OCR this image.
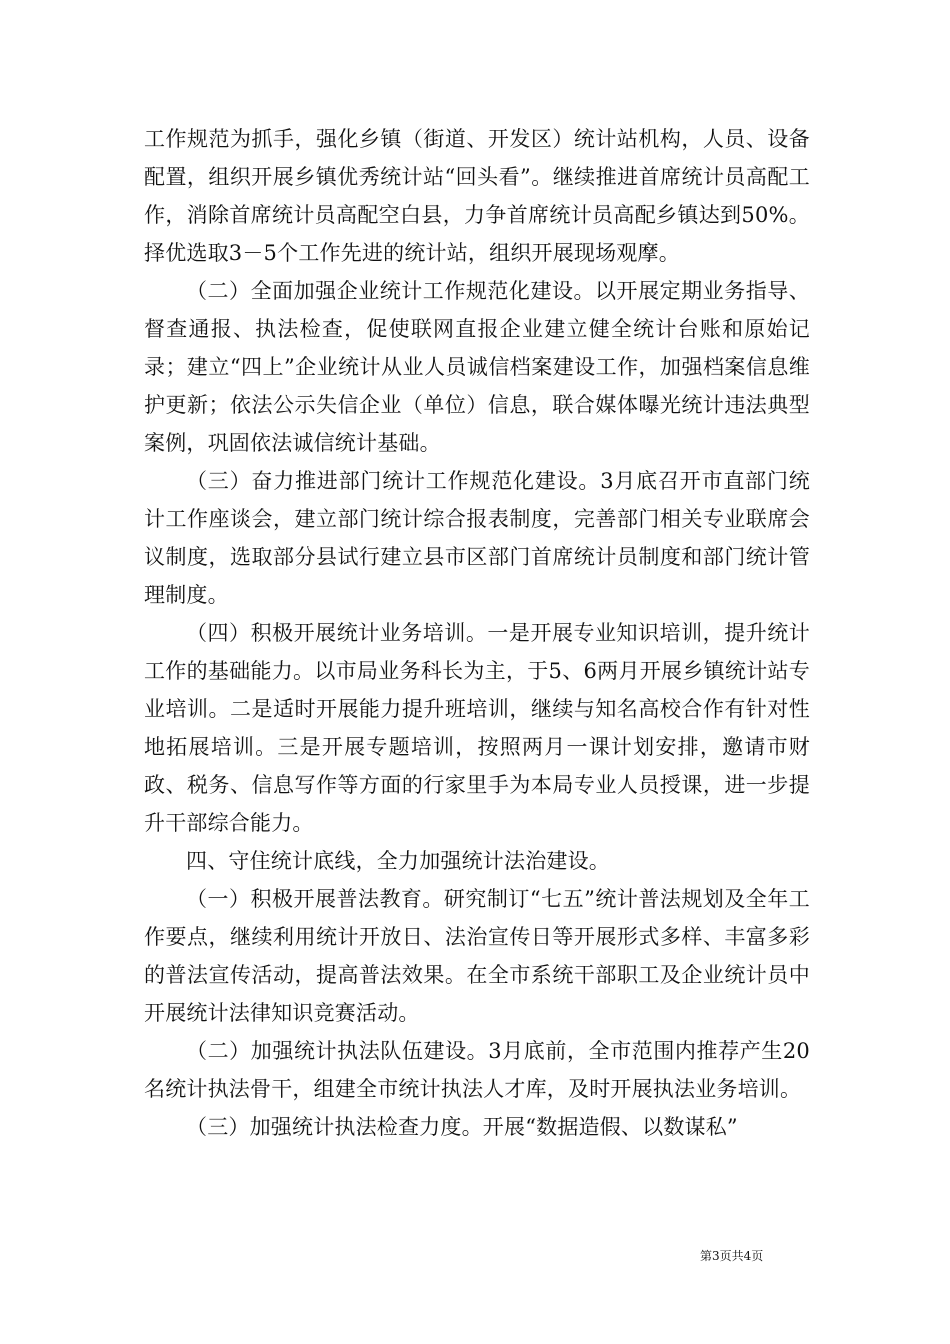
工作规范为抓手，强化乡镇（街道、开发区）统计站机构，人员、设备配置，组织开展乡镇优秀统计站“回头看”。继续推进首席统计员高配工作，消除首席统计员高配空白县，力争首席统计员高配乡镇达到50%。择优选取3－5个工作先进的统计站，组织开展现场观摩。

（二）全面加强企业统计工作规范化建设。以开展定期业务指导、督查通报、执法检查，促使联网直报企业建立健全统计台账和原始记录；建立“四上”企业统计从业人员诚信档案建设工作，加强档案信息维护更新；依法公示失信企业（单位）信息，联合媒体曝光统计违法典型案例，巩固依法诚信统计基础。

（三）奋力推进部门统计工作规范化建设。3月底召开市直部门统计工作座谈会，建立部门统计综合报表制度，完善部门相关专业联席会议制度，选取部分县试行建立县市区部门首席统计员制度和部门统计管理制度。

（四）积极开展统计业务培训。一是开展专业知识培训，提升统计工作的基础能力。以市局业务科长为主，于5、6两月开展乡镇统计站专业培训。二是适时开展能力提升班培训，继续与知名高校合作有针对性地拓展培训。三是开展专题培训，按照两月一课计划安排，邀请市财政、税务、信息写作等方面的行家里手为本局专业人员授课，进一步提升干部综合能力。

四、守住统计底线，全力加强统计法治建设。

（一）积极开展普法教育。研究制订“七五”统计普法规划及全年工作要点，继续利用统计开放日、法治宣传日等开展形式多样、丰富多彩的普法宣传活动，提高普法效果。在全市系统干部职工及企业统计员中开展统计法律知识竞赛活动。

（二）加强统计执法队伍建设。3月底前，全市范围内推荐产生20名统计执法骨干，组建全市统计执法人才库，及时开展执法业务培训。

（三）加强统计执法检查力度。开展“数据造假、以数谋私”

第3页共4页
